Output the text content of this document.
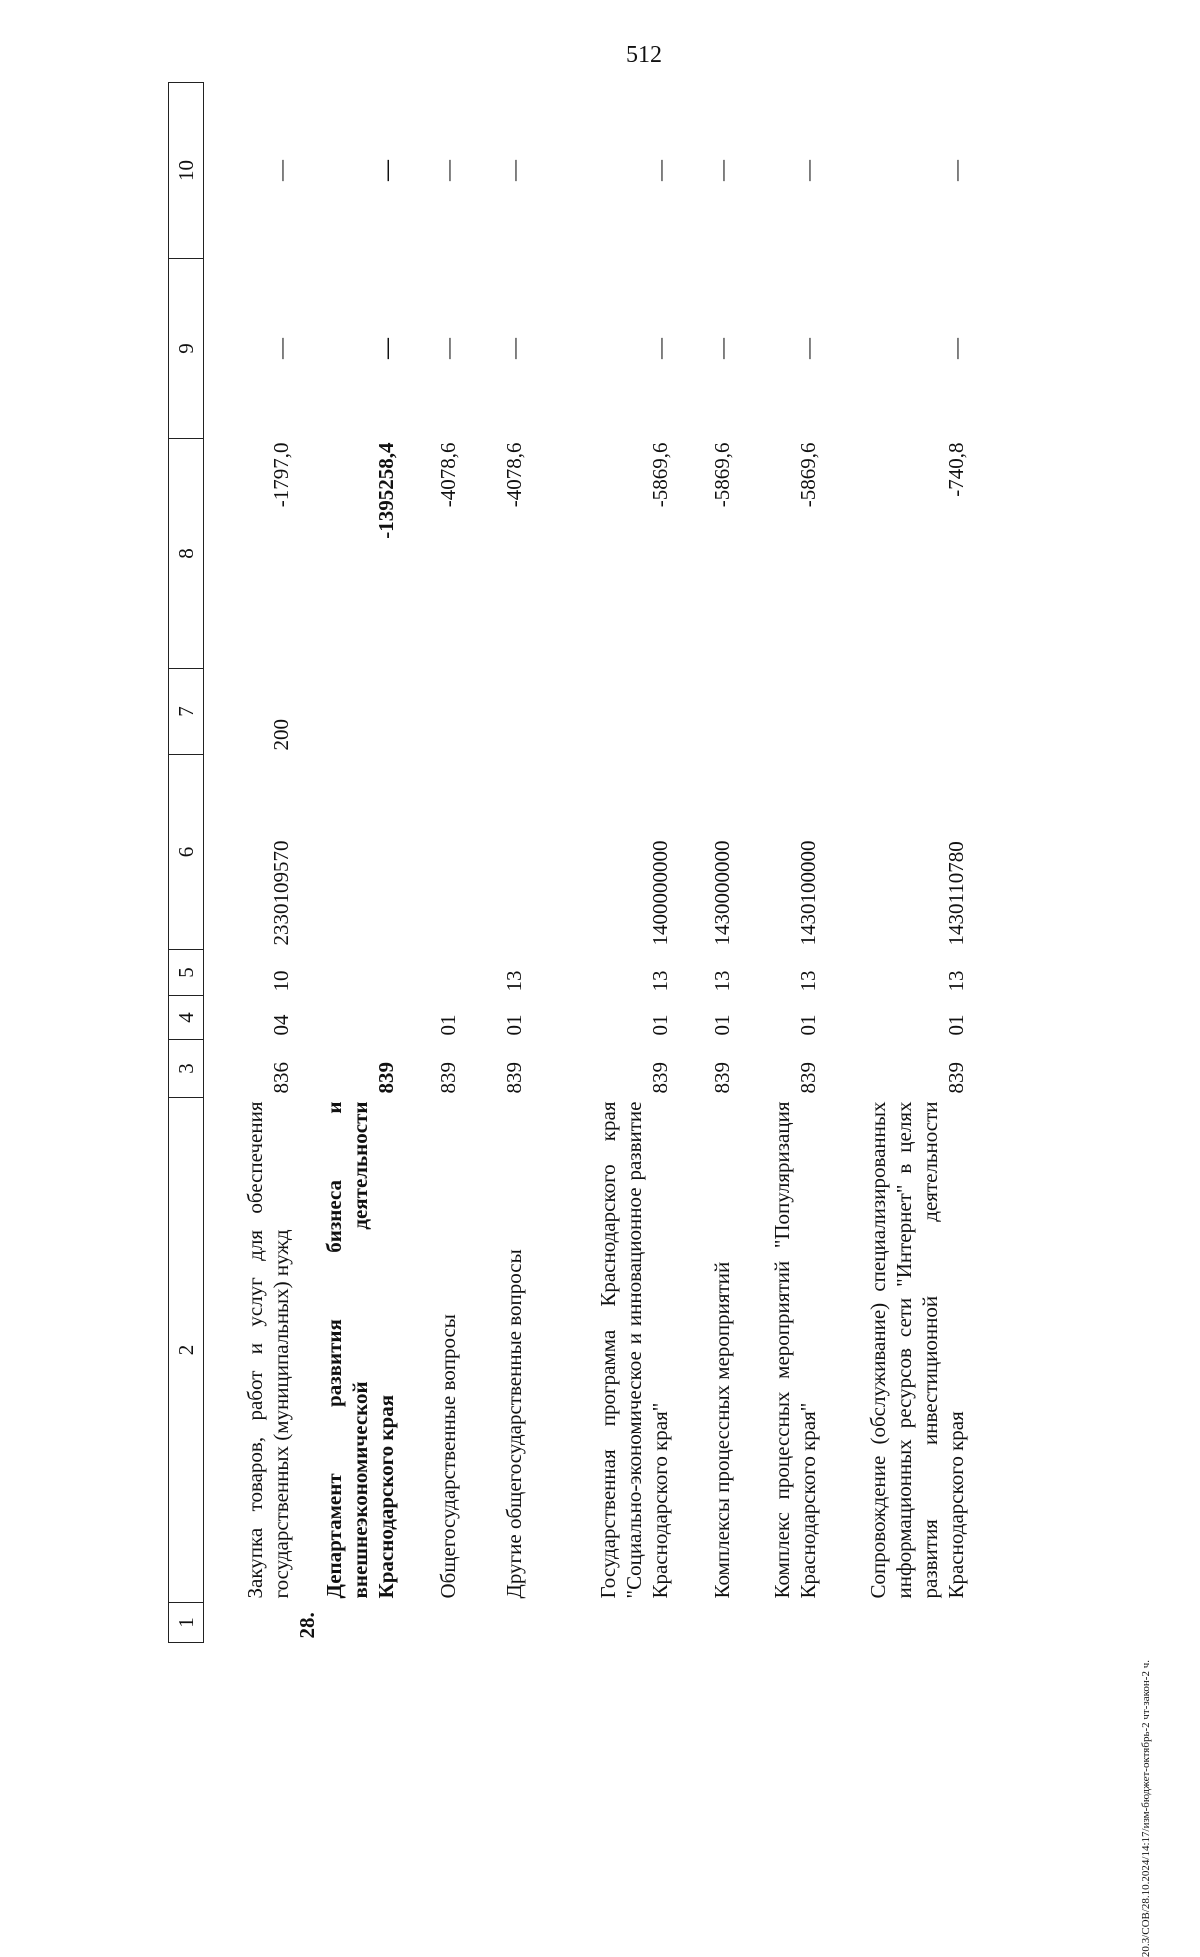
512
1	2	3	4	5	6	7	8	9	10
	Закупка товаров, работ и услуг для обеспечения государственных (муниципальных) нужд	836	04	10	2330109570	200	-1797,0	—	—
28.	Департамент развития бизнеса и внешнеэкономической деятельности Краснодарского края	839					-1395258,4	—	—
	Общегосударственные вопросы	839	01				-4078,6	—	—
	Другие общегосударственные вопросы	839	01	13			-4078,6	—	—
	Государственная программа Краснодарского края "Социально-экономическое и инновационное развитие Краснодарского края"	839	01	13	1400000000		-5869,6	—	—
	Комплексы процессных мероприятий	839	01	13	1430000000		-5869,6	—	—
	Комплекс процессных мероприятий "Популяризация Краснодарского края"	839	01	13	1430100000		-5869,6	—	—
	Сопровождение (обслуживание) специализированных информационных ресурсов сети "Интернет" в целях развития инвестиционной деятельности Краснодарского края	839	01	13	1430110780		-740,8	—	—
20.3/СОВ/28.10.2024/14:17/изм-бюджет-октябрь-2 чт-закон-2 ч.
